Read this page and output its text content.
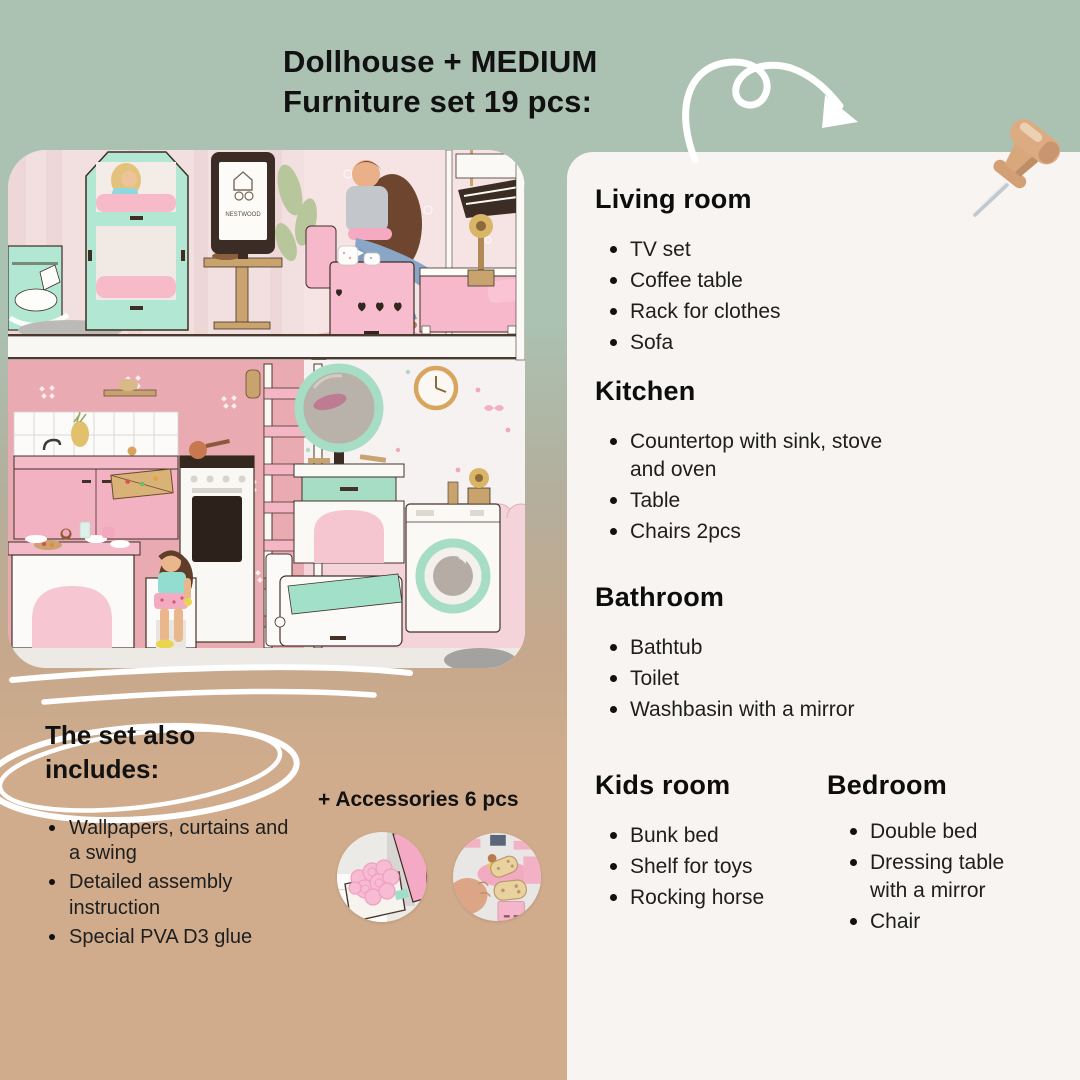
Dollhouse + MEDIUM
Furniture set 19 pcs:
NESTWOOD
Living room
TV set
Coffee table
Rack for clothes
Sofa
Kitchen
Countertop with sink, stove and oven
Table
Chairs 2pcs
Bathroom
Bathtub
Toilet
Washbasin with a mirror
Kids room
Bunk bed
Shelf for toys
Rocking horse
Bedroom
Double bed
Dressing table with a mirror
Chair
The set also includes:
Wallpapers, curtains and a swing
Detailed assembly instruction
Special PVA D3 glue
+ Accessories 6 pcs
